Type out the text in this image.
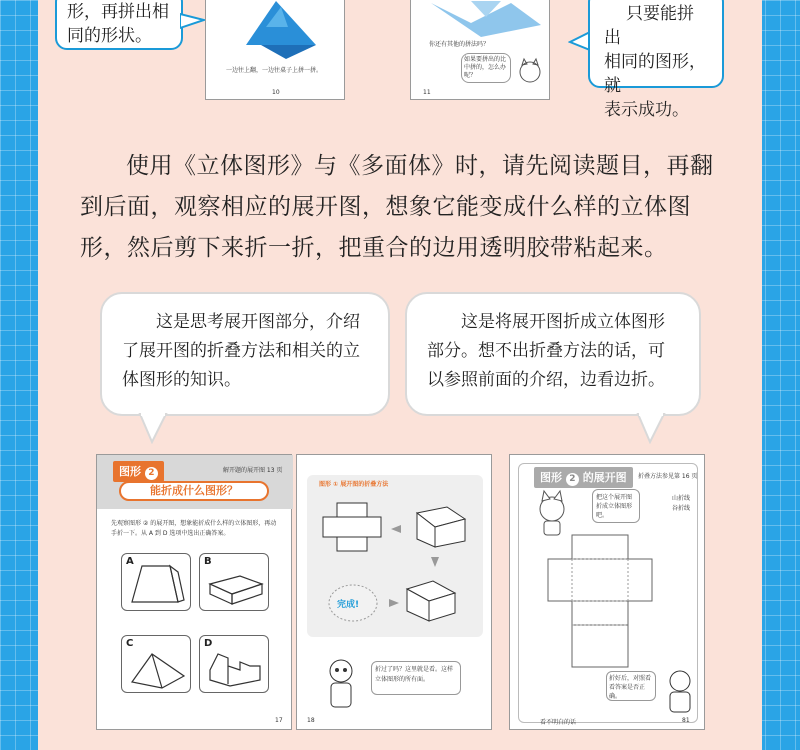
形，再拼出相
同的形状。
一边往上翻，一边往桌子上拼一拼。
10
你还有其他的拼法吗？
如果要拼出的比中拼的，怎么办呢？
11
只要能拼出
相同的图形，就
表示成功。
使用《立体图形》与《多面体》时，请先阅读题目，再翻到后面，观察相应的展开图，想象它能变成什么样的立体图形，然后剪下来折一折，把重合的边用透明胶带粘起来。
这是思考展开图部分，介绍了展开图的折叠方法和相关的立体图形的知识。
这是将展开图折成立体图形部分。想不出折叠方法的话，可以参照前面的介绍，边看边折。
图形 2	解开题的展开图 13 页
能折成什么图形？
先观察图形 ② 的展开图，想象能折成什么样的立体图形，再动手折一下。从 A 到 D 选项中选出正确答案。
A	B
C	D
17
图形 ① 展开图的折叠方法
完成!
折过了吗？这里就是看。这样立体图形的所有面。
18
图形 2 的展开图	折叠方法参见第 16 页
把这个展开图折成立体图形吧。
山折线
谷折线
折好后，对照看看答案是否正确。
看不明白的话	81
